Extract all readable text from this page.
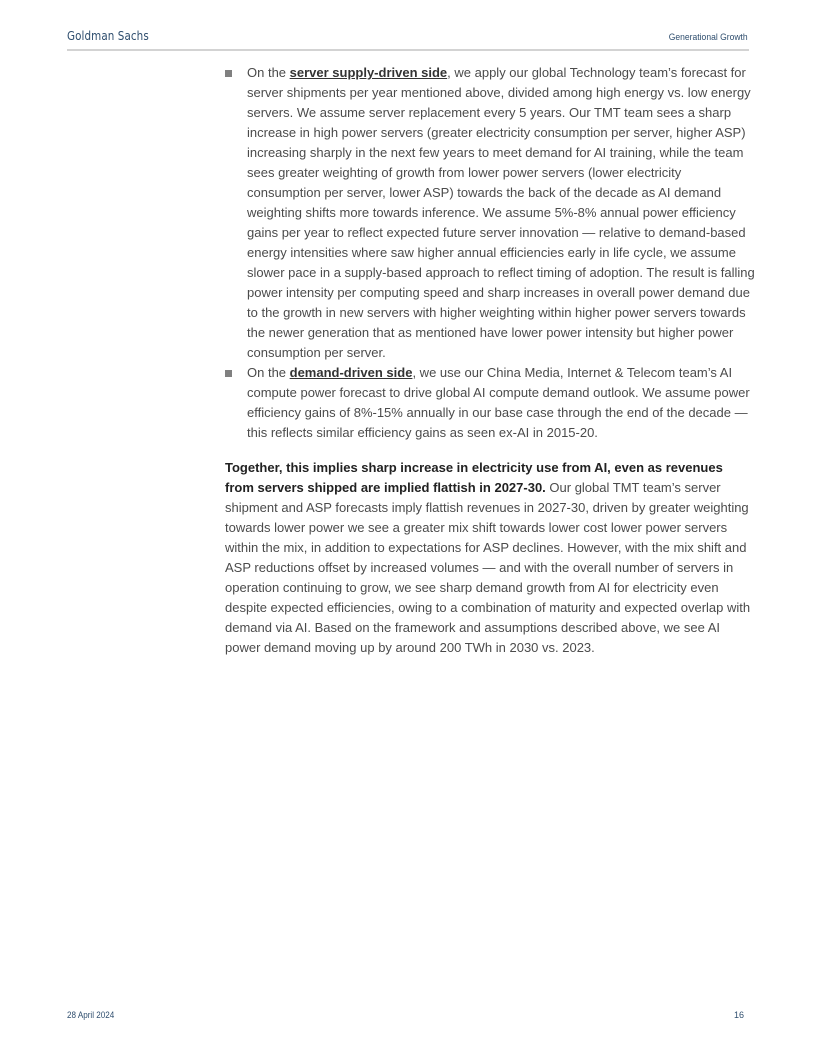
Goldman Sachs	Generational Growth

On the server supply-driven side, we apply our global Technology team’s forecast for server shipments per year mentioned above, divided among high energy vs. low energy servers. We assume server replacement every 5 years. Our TMT team sees a sharp increase in high power servers (greater electricity consumption per server, higher ASP) increasing sharply in the next few years to meet demand for AI training, while the team sees greater weighting of growth from lower power servers (lower electricity consumption per server, lower ASP) towards the back of the decade as AI demand weighting shifts more towards inference. We assume 5%-8% annual power efficiency gains per year to reflect expected future server innovation — relative to demand-based energy intensities where saw higher annual efficiencies early in life cycle, we assume slower pace in a supply-based approach to reflect timing of adoption. The result is falling power intensity per computing speed and sharp increases in overall power demand due to the growth in new servers with higher weighting within higher power servers towards the newer generation that as mentioned have lower power intensity but higher power consumption per server.

On the demand-driven side, we use our China Media, Internet & Telecom team’s AI compute power forecast to drive global AI compute demand outlook. We assume power efficiency gains of 8%-15% annually in our base case through the end of the decade — this reflects similar efficiency gains as seen ex-AI in 2015-20.

Together, this implies sharp increase in electricity use from AI, even as revenues from servers shipped are implied flattish in 2027-30. Our global TMT team’s server shipment and ASP forecasts imply flattish revenues in 2027-30, driven by greater weighting towards lower power we see a greater mix shift towards lower cost lower power servers within the mix, in addition to expectations for ASP declines. However, with the mix shift and ASP reductions offset by increased volumes — and with the overall number of servers in operation continuing to grow, we see sharp demand growth from AI for electricity even despite expected efficiencies, owing to a combination of maturity and expected overlap with demand via AI. Based on the framework and assumptions described above, we see AI power demand moving up by around 200 TWh in 2030 vs. 2023.

28 April 2024	16
